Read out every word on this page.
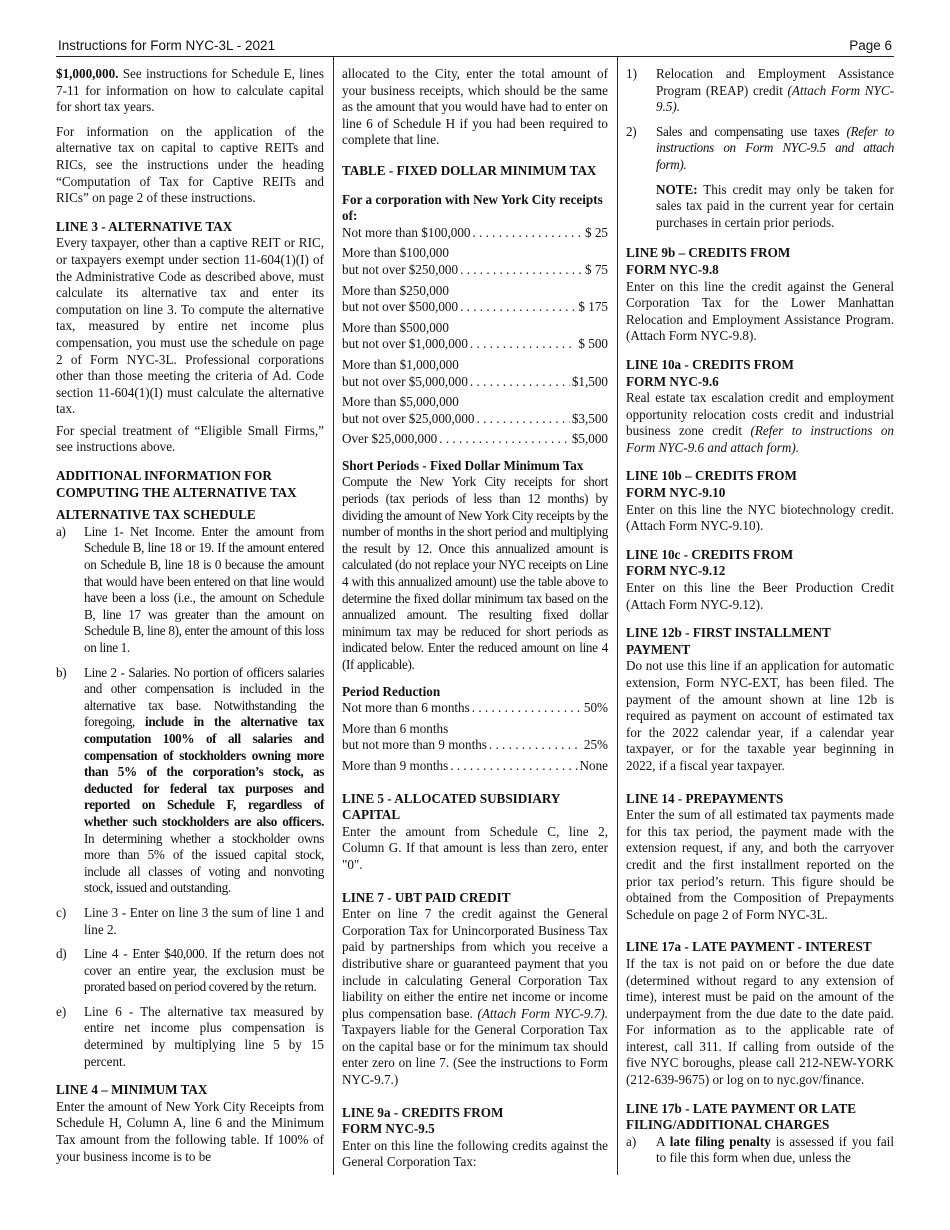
Instructions for Form NYC-3L - 2021	Page 6

$1,000,000. See instructions for Schedule E, lines 7-11 for information on how to calculate capital for short tax years.

For information on the application of the alternative tax on capital to captive REITs and RICs, see the instructions under the heading “Computation of Tax for Captive REITs and RICs” on page 2 of these instructions.

LINE 3 - ALTERNATIVE TAX

Every taxpayer, other than a captive REIT or RIC, or taxpayers exempt under section 11-604(1)(I) of the Administrative Code as described above, must calculate its alternative tax and enter its computation on line 3. To compute the alternative tax, measured by entire net income plus compensation, you must use the schedule on page 2 of Form NYC-3L. Professional corporations other than those meeting the criteria of Ad. Code section 11-604(1)(I) must calculate the alternative tax.

For special treatment of “Eligible Small Firms,” see instructions above.

ADDITIONAL INFORMATION FOR COMPUTING THE ALTERNATIVE TAX
ALTERNATIVE TAX SCHEDULE
a) Line 1- Net Income. Enter the amount from Schedule B, line 18 or 19. If the amount entered on Schedule B, line 18 is 0 because the amount that would have been entered on that line would have been a loss (i.e., the amount on Schedule B, line 17 was greater than the amount on Schedule B, line 8), enter the amount of this loss on line 1.
b) Line 2 - Salaries. No portion of officers salaries and other compensation is included in the alternative tax base. Notwithstanding the foregoing, include in the alternative tax computation 100% of all salaries and compensation of stockholders owning more than 5% of the corporation’s stock, as deducted for federal tax purposes and reported on Schedule F, regardless of whether such stockholders are also officers. In determining whether a stockholder owns more than 5% of the issued capital stock, include all classes of voting and nonvoting stock, issued and outstanding.
c) Line 3 - Enter on line 3 the sum of line 1 and line 2.
d) Line 4 - Enter $40,000. If the return does not cover an entire year, the exclusion must be prorated based on period covered by the return.
e) Line 6 - The alternative tax measured by entire net income plus compensation is determined by multiplying line 5 by 15 percent.
LINE 4 – MINIMUM TAX

Enter the amount of New York City Receipts from Schedule H, Column A, line 6 and the Minimum Tax amount from the following table. If 100% of your business income is to be

allocated to the City, enter the total amount of your business receipts, which should be the same as the amount that you would have had to enter on line 6 of Schedule H if you had been required to complete that line.

TABLE - FIXED DOLLAR MINIMUM TAX
For a corporation with New York City receipts of:
Not more than $100,000 . . .	$ 25
More than $100,000
but not over $250,000 . . .	$ 75
More than $250,000
but not over $500,000 . . .	$ 175
More than $500,000
but not over $1,000,000 . . .	$ 500
More than $1,000,000
but not over $5,000,000 . . .	$1,500
More than $5,000,000
but not over $25,000,000 . . .	$3,500
Over $25,000,000 . . .	$5,000
Short Periods - Fixed Dollar Minimum Tax

Compute the New York City receipts for short periods (tax periods of less than 12 months) by dividing the amount of New York City receipts by the number of months in the short period and multiplying the result by 12. Once this annualized amount is calculated (do not replace your NYC receipts on Line 4 with this annualized amount) use the table above to determine the fixed dollar minimum tax based on the annualized amount. The resulting fixed dollar minimum tax may be reduced for short periods as indicated below. Enter the reduced amount on line 4 (If applicable).

Period Reduction
Not more than 6 months . . .	50%
More than 6 months
but not more than 9 months . . .	25%
More than 9 months . . .	None
LINE 5 - ALLOCATED SUBSIDIARY CAPITAL

Enter the amount from Schedule C, line 2, Column G. If that amount is less than zero, enter "0".

LINE 7 - UBT PAID CREDIT

Enter on line 7 the credit against the General Corporation Tax for Unincorporated Business Tax paid by partnerships from which you receive a distributive share or guaranteed payment that you include in calculating General Corporation Tax liability on either the entire net income or income plus compensation base. (Attach Form NYC-9.7). Taxpayers liable for the General Corporation Tax on the capital base or for the minimum tax should enter zero on line 7. (See the instructions to Form NYC-9.7.)

LINE 9a - CREDITS FROM
FORM NYC-9.5

Enter on this line the following credits against the General Corporation Tax:

1) Relocation and Employment Assistance Program (REAP) credit (Attach Form NYC-9.5).
2) Sales and compensating use taxes (Refer to instructions on Form NYC-9.5 and attach form).

NOTE: This credit may only be taken for sales tax paid in the current year for certain purchases in certain prior periods.

LINE 9b – CREDITS FROM
FORM NYC-9.8

Enter on this line the credit against the General Corporation Tax for the Lower Manhattan Relocation and Employment Assistance Program. (Attach Form NYC-9.8).

LINE 10a - CREDITS FROM
FORM NYC-9.6

Real estate tax escalation credit and employment opportunity relocation costs credit and industrial business zone credit (Refer to instructions on Form NYC-9.6 and attach form).

LINE 10b – CREDITS FROM
FORM NYC-9.10

Enter on this line the NYC biotechnology credit. (Attach Form NYC-9.10).

LINE 10c - CREDITS FROM
FORM NYC-9.12

Enter on this line the Beer Production Credit (Attach Form NYC-9.12).

LINE 12b - FIRST INSTALLMENT
PAYMENT

Do not use this line if an application for automatic extension, Form NYC-EXT, has been filed. The payment of the amount shown at line 12b is required as payment on account of estimated tax for the 2022 calendar year, if a calendar year taxpayer, or for the taxable year beginning in 2022, if a fiscal year taxpayer.

LINE 14 - PREPAYMENTS

Enter the sum of all estimated tax payments made for this tax period, the payment made with the extension request, if any, and both the carryover credit and the first installment reported on the prior tax period’s return. This figure should be obtained from the Composition of Prepayments Schedule on page 2 of Form NYC-3L.

LINE 17a - LATE PAYMENT - INTEREST

If the tax is not paid on or before the due date (determined without regard to any extension of time), interest must be paid on the amount of the underpayment from the due date to the date paid. For information as to the applicable rate of interest, call 311. If calling from outside of the five NYC boroughs, please call 212-NEW-YORK (212-639-9675) or log on to nyc.gov/finance.

LINE 17b - LATE PAYMENT OR LATE
FILING/ADDITIONAL CHARGES
a) A late filing penalty is assessed if you fail to file this form when due, unless the
